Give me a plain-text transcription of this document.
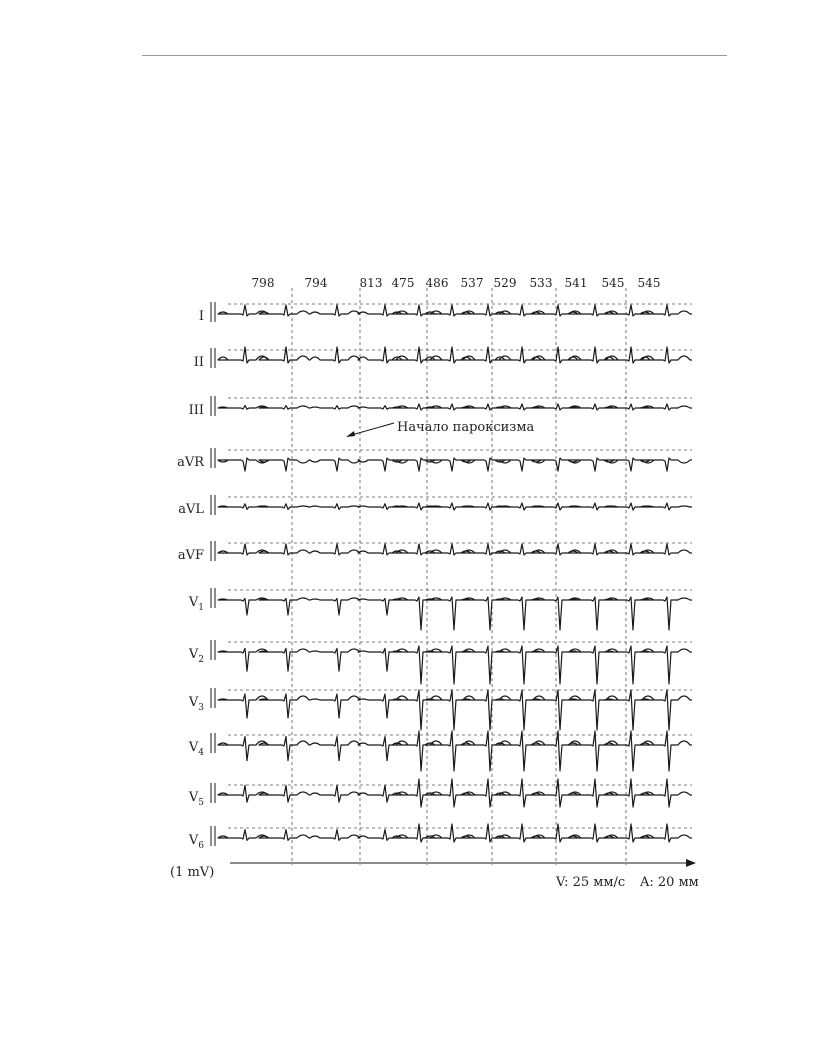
798	794	813 475 486 537 529 533 541 545 545
I
II
III
aVR
aVL
aVF
$V_1$
$V_2$
$V_3$
$V_4$
$V_5$
$V_6$
Начало пароксизма
(1 mV)
V: 25 мм/с A: 20 мм
